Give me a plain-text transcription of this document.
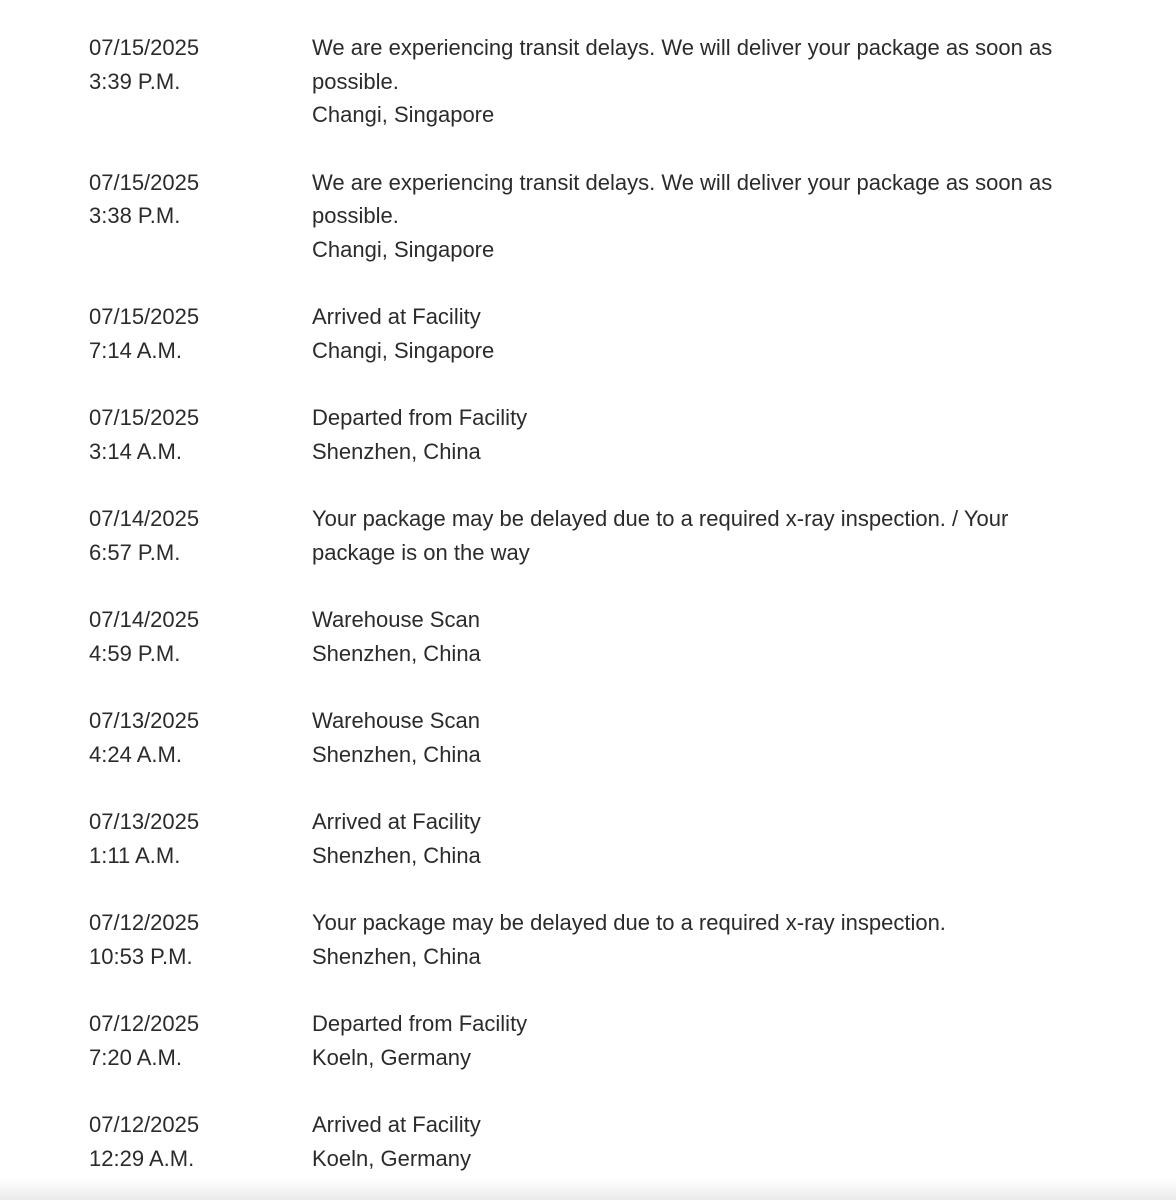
07/15/2025
3:39 P.M.
We are experiencing transit delays. We will deliver your package as soon as possible.
Changi, Singapore
07/15/2025
3:38 P.M.
We are experiencing transit delays. We will deliver your package as soon as possible.
Changi, Singapore
07/15/2025
7:14 A.M.
Arrived at Facility
Changi, Singapore
07/15/2025
3:14 A.M.
Departed from Facility
Shenzhen, China
07/14/2025
6:57 P.M.
Your package may be delayed due to a required x-ray inspection. / Your package is on the way
07/14/2025
4:59 P.M.
Warehouse Scan
Shenzhen, China
07/13/2025
4:24 A.M.
Warehouse Scan
Shenzhen, China
07/13/2025
1:11 A.M.
Arrived at Facility
Shenzhen, China
07/12/2025
10:53 P.M.
Your package may be delayed due to a required x-ray inspection.
Shenzhen, China
07/12/2025
7:20 A.M.
Departed from Facility
Koeln, Germany
07/12/2025
12:29 A.M.
Arrived at Facility
Koeln, Germany
